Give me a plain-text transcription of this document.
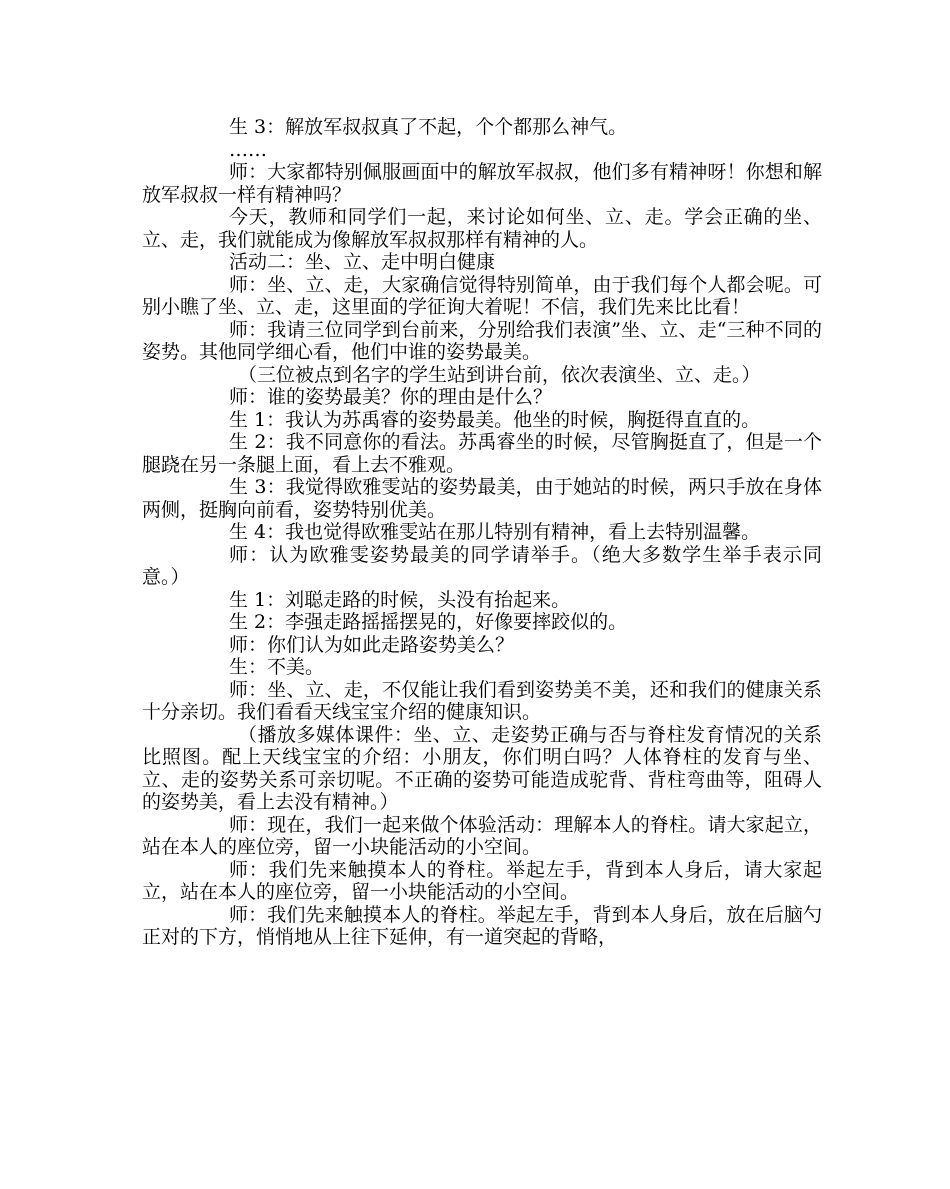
生 3：解放军叔叔真了不起，个个都那么神气。

……

师：大家都特别佩服画面中的解放军叔叔，他们多有精神呀！你想和解放军叔叔一样有精神吗？

今天，教师和同学们一起，来讨论如何坐、立、走。学会正确的坐、立、走，我们就能成为像解放军叔叔那样有精神的人。

活动二：坐、立、走中明白健康

师：坐、立、走，大家确信觉得特别简单，由于我们每个人都会呢。可别小瞧了坐、立、走，这里面的学征询大着呢！不信，我们先来比比看！

师：我请三位同学到台前来，分别给我们表演”坐、立、走“三种不同的姿势。其他同学细心看，他们中谁的姿势最美。

（三位被点到名字的学生站到讲台前，依次表演坐、立、走。）

师：谁的姿势最美？你的理由是什么？

生 1：我认为苏禹睿的姿势最美。他坐的时候，胸挺得直直的。

生 2：我不同意你的看法。苏禹睿坐的时候，尽管胸挺直了，但是一个腿跷在另一条腿上面，看上去不雅观。

生 3：我觉得欧雅雯站的姿势最美，由于她站的时候，两只手放在身体两侧，挺胸向前看，姿势特别优美。

生 4：我也觉得欧雅雯站在那儿特别有精神，看上去特别温馨。

师：认为欧雅雯姿势最美的同学请举手。（绝大多数学生举手表示同意。）

生 1：刘聪走路的时候，头没有抬起来。

生 2：李强走路摇摇摆晃的，好像要摔跤似的。

师：你们认为如此走路姿势美么？

生：不美。

师：坐、立、走，不仅能让我们看到姿势美不美，还和我们的健康关系十分亲切。我们看看天线宝宝介绍的健康知识。

（播放多媒体课件：坐、立、走姿势正确与否与脊柱发育情况的关系比照图。配上天线宝宝的介绍：小朋友，你们明白吗？人体脊柱的发育与坐、立、走的姿势关系可亲切呢。不正确的姿势可能造成驼背、背柱弯曲等，阻碍人的姿势美，看上去没有精神。）

师：现在，我们一起来做个体验活动：理解本人的脊柱。请大家起立，站在本人的座位旁，留一小块能活动的小空间。

师：我们先来触摸本人的脊柱。举起左手，背到本人身后，请大家起立，站在本人的座位旁，留一小块能活动的小空间。

师：我们先来触摸本人的脊柱。举起左手，背到本人身后，放在后脑勺正对的下方，悄悄地从上往下延伸，有一道突起的背略，
